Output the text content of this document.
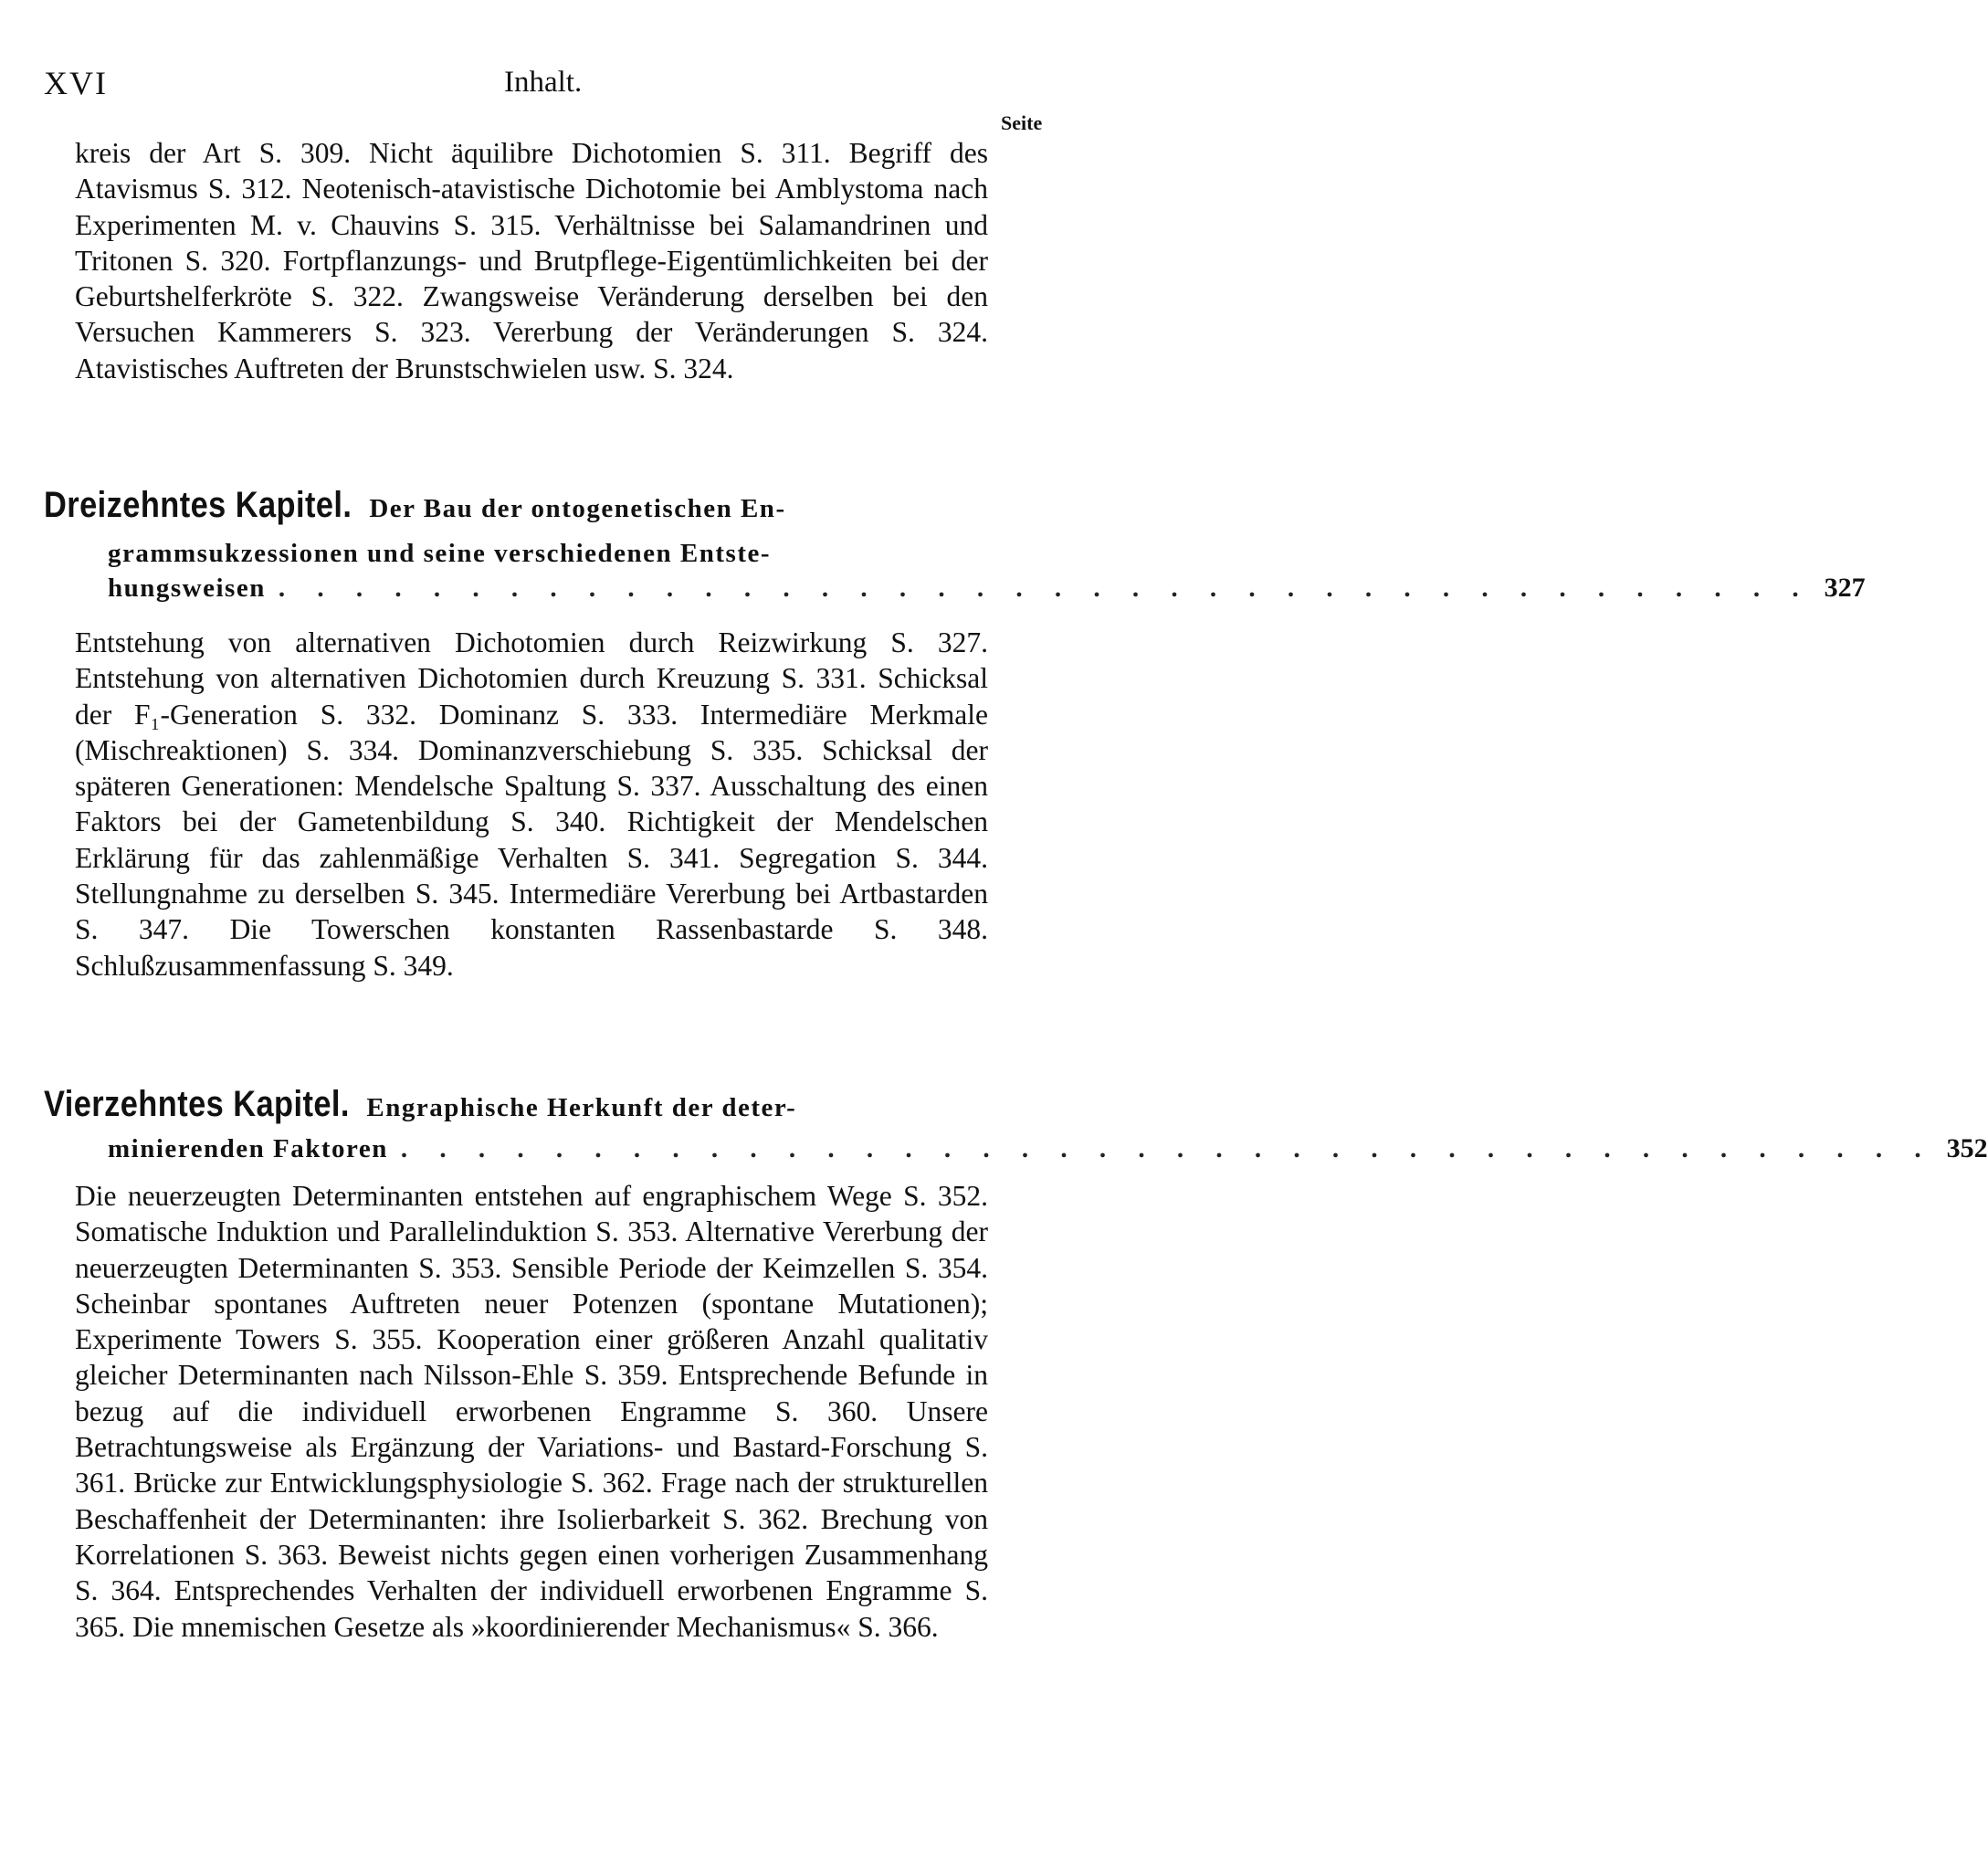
XVI	Inhalt.
Seite

kreis der Art S. 309. Nicht äquilibre Dichotomien S. 311. Begriff des Atavismus S. 312. Neotenisch-atavistische Dichotomie bei Amblystoma nach Experimenten M. v. Chauvins S. 315. Verhältnisse bei Salamandrinen und Tritonen S. 320. Fortpflanzungs- und Brutpflege-Eigentümlichkeiten bei der Geburtshelferkröte S. 322. Zwangsweise Veränderung derselben bei den Versuchen Kammerers S. 323. Vererbung der Veränderungen S. 324. Atavistisches Auftreten der Brunstschwielen usw. S. 324.

Dreizehntes Kapitel. Der Bau der ontogenetischen En-
grammsukzessionen und seine verschiedenen Entste-
hungsweisen . . . . . . . . . . . . . . . . . . . . . . . . . . . . . . . . . . . . . . . . 327

Entstehung von alternativen Dichotomien durch Reizwirkung S. 327. Entstehung von alternativen Dichotomien durch Kreuzung S. 331. Schicksal der F₁-Generation S. 332. Dominanz S. 333. Intermediäre Merkmale (Mischreaktionen) S. 334. Dominanzverschiebung S. 335. Schicksal der späteren Generationen: Mendelsche Spaltung S. 337. Ausschaltung des einen Faktors bei der Gametenbildung S. 340. Richtigkeit der Mendelschen Erklärung für das zahlenmäßige Verhalten S. 341. Segregation S. 344. Stellungnahme zu derselben S. 345. Intermediäre Vererbung bei Artbastarden S. 347. Die Towerschen konstanten Rassenbastarde S. 348. Schlußzusammenfassung S. 349.

Vierzehntes Kapitel. Engraphische Herkunft der deter-
minierenden Faktoren . . . . . . . . . . . . . . . . . . . . . . . . . . . . . . . . . . . . . . . . 352

Die neuerzeugten Determinanten entstehen auf engraphischem Wege S. 352. Somatische Induktion und Parallelinduktion S. 353. Alternative Vererbung der neuerzeugten Determinanten S. 353. Sensible Periode der Keimzellen S. 354. Scheinbar spontanes Auftreten neuer Potenzen (spontane Mutationen); Experimente Towers S. 355. Kooperation einer größeren Anzahl qualitativ gleicher Determinanten nach Nilsson-Ehle S. 359. Entsprechende Befunde in bezug auf die individuell erworbenen Engramme S. 360. Unsere Betrachtungsweise als Ergänzung der Variations- und Bastard-Forschung S. 361. Brücke zur Entwicklungsphysiologie S. 362. Frage nach der strukturellen Beschaffenheit der Determinanten: ihre Isolierbarkeit S. 362. Brechung von Korrelationen S. 363. Beweist nichts gegen einen vorherigen Zusammenhang S. 364. Entsprechendes Verhalten der individuell erworbenen Engramme S. 365. Die mnemischen Gesetze als »koordinierender Mechanismus« S. 366.
